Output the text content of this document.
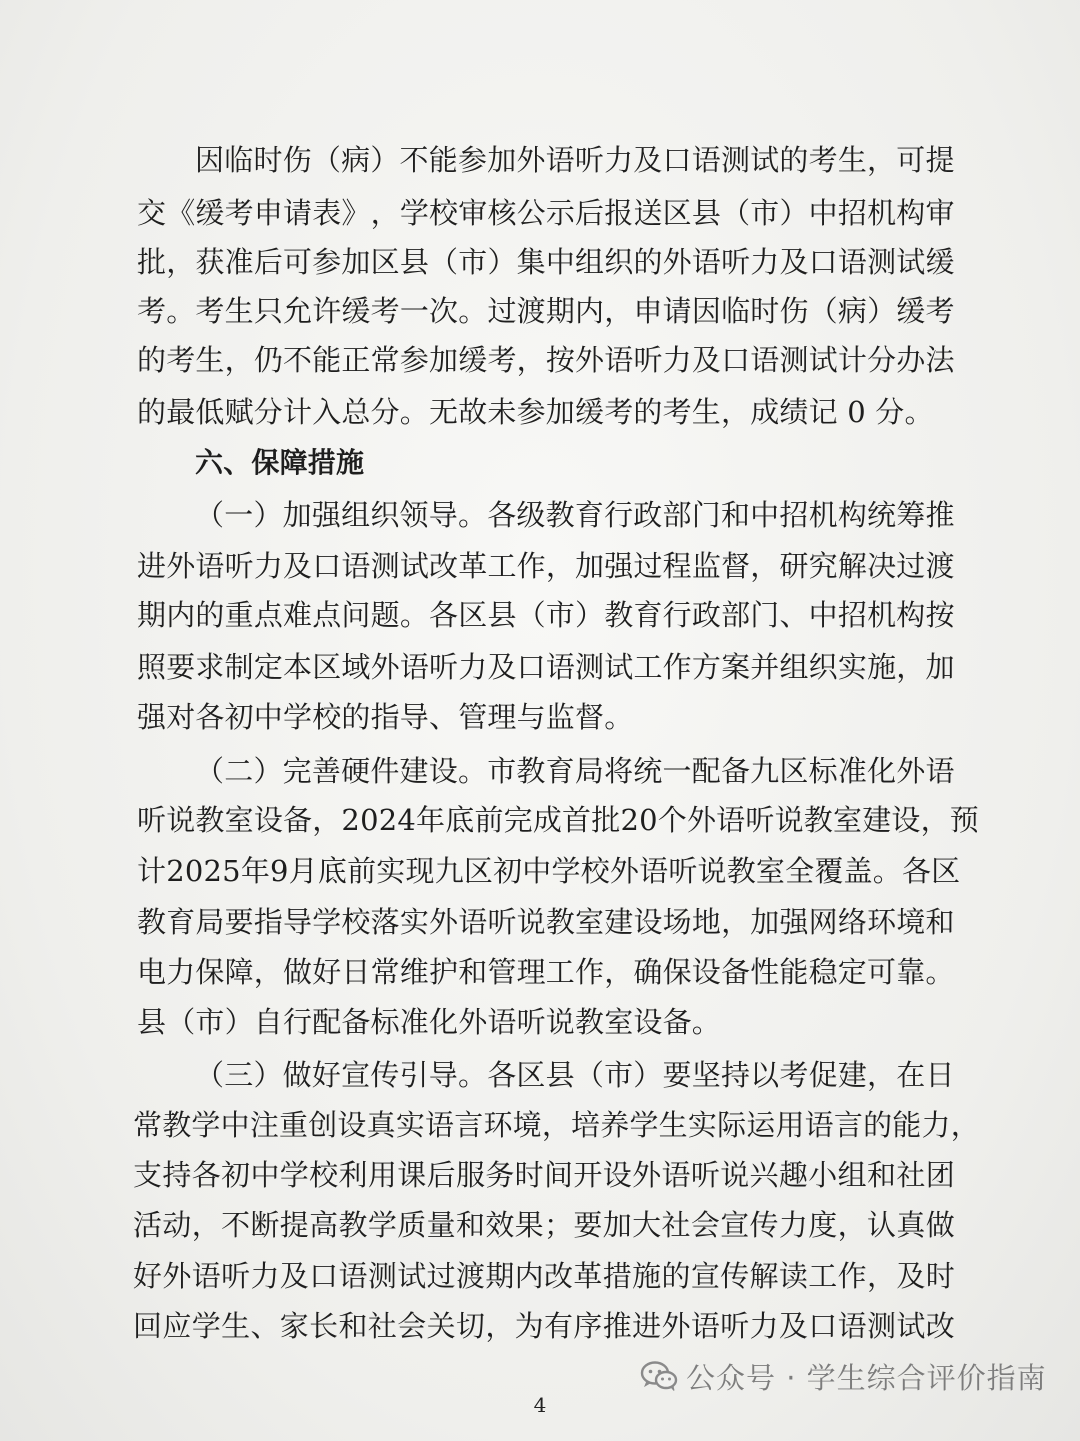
因 临 时 伤 （ 病 ） 不 能 参 加 外 语 听 力 及 口 语 测 试 的 考 生 ， 可 提
交 《 缓 考 申 请 表 》 ， 学 校 审 核 公 示 后 报 送 区 县 （ 市 ） 中 招 机 构 审
批 ， 获 准 后 可 参 加 区 县 （ 市 ） 集 中 组 织 的 外 语 听 力 及 口 语 测 试 缓
考 。 考 生 只 允 许 缓 考 一 次 。 过 渡 期 内 ， 申 请 因 临 时 伤 （ 病 ） 缓 考
的 考 生 ， 仍 不 能 正 常 参 加 缓 考 ， 按 外 语 听 力 及 口 语 测 试 计 分 办 法
的最低赋分计入总分。无故未参加缓考的考生，成绩记 0 分。
六、保障措施
（ 一 ） 加 强 组 织 领 导 。 各 级 教 育 行 政 部 门 和 中 招 机 构 统 筹 推
进 外 语 听 力 及 口 语 测 试 改 革 工 作 ， 加 强 过 程 监 督 ， 研 究 解 决 过 渡
期 内 的 重 点 难 点 问 题 。 各 区 县 （ 市 ） 教 育 行 政 部 门 、 中 招 机 构 按
照 要 求 制 定 本 区 域 外 语 听 力 及 口 语 测 试 工 作 方 案 并 组 织 实 施 ， 加
强对各初中学校的指导、管理与监督。
（ 二 ） 完 善 硬 件 建 设 。 市 教 育 局 将 统 一 配 备 九 区 标 准 化 外 语
听 说 教 室 设 备 ， 2024 年 底 前 完 成 首 批 20 个 外 语 听 说 教 室 建 设 ， 预
计 2025 年 9 月 底 前 实 现 九 区 初 中 学 校 外 语 听 说 教 室 全 覆 盖 。 各 区
教 育 局 要 指 导 学 校 落 实 外 语 听 说 教 室 建 设 场 地 ， 加 强 网 络 环 境 和
电力保障，做好日常维护和管理工作，确保设备性能稳定可靠。
县（市）自行配备标准化外语听说教室设备。
（ 三 ） 做 好 宣 传 引 导 。 各 区 县 （ 市 ） 要 坚 持 以 考 促 建 ， 在 日
常 教 学 中 注 重 创 设 真 实 语 言 环 境 ， 培 养 学 生 实 际 运 用 语 言 的 能 力 ，
支 持 各 初 中 学 校 利 用 课 后 服 务 时 间 开 设 外 语 听 说 兴 趣 小 组 和 社 团
活 动 ， 不 断 提 高 教 学 质 量 和 效 果 ； 要 加 大 社 会 宣 传 力 度 ， 认 真 做
好 外 语 听 力 及 口 语 测 试 过 渡 期 内 改 革 措 施 的 宣 传 解 读 工 作 ， 及 时
回 应 学 生 、 家 长 和 社 会 关 切 ， 为 有 序 推 进 外 语 听 力 及 口 语 测 试 改
公众号 · 学生综合评价指南
4
